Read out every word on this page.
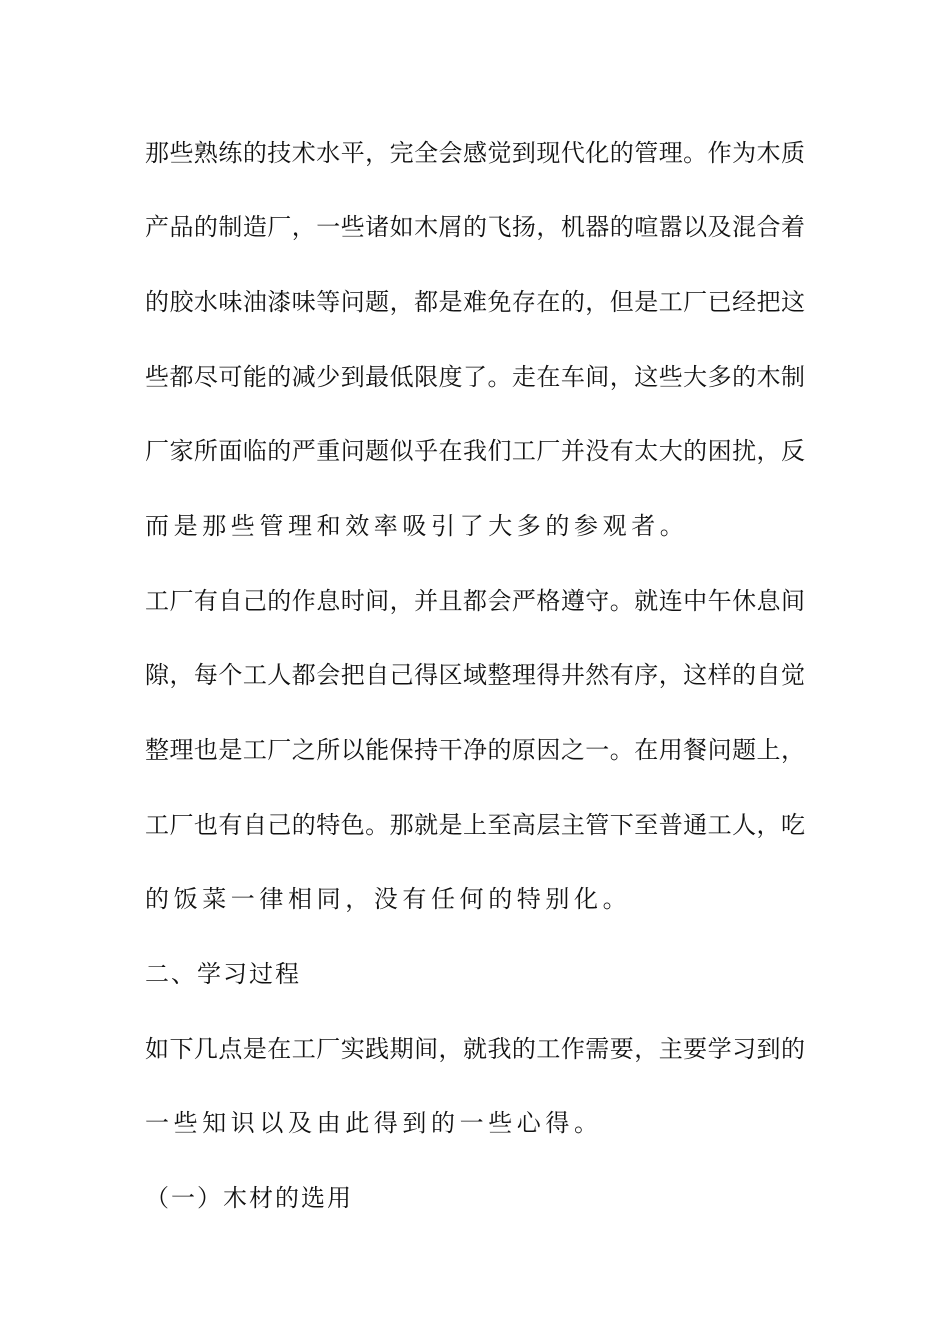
那些熟练的技术水平，完全会感觉到现代化的管理。作为木质
产品的制造厂，一些诸如木屑的飞扬，机器的喧嚣以及混合着
的胶水味油漆味等问题，都是难免存在的，但是工厂已经把这
些都尽可能的减少到最低限度了。走在车间，这些大多的木制
厂家所面临的严重问题似乎在我们工厂并没有太大的困扰，反
而是那些管理和效率吸引了大多的参观者。
工厂有自己的作息时间，并且都会严格遵守。就连中午休息间
隙，每个工人都会把自己得区域整理得井然有序，这样的自觉
整理也是工厂之所以能保持干净的原因之一。在用餐问题上，
工厂也有自己的特色。那就是上至高层主管下至普通工人，吃
的饭菜一律相同，没有任何的特别化。
二、学习过程
如下几点是在工厂实践期间，就我的工作需要，主要学习到的
一些知识以及由此得到的一些心得。
（一）木材的选用
